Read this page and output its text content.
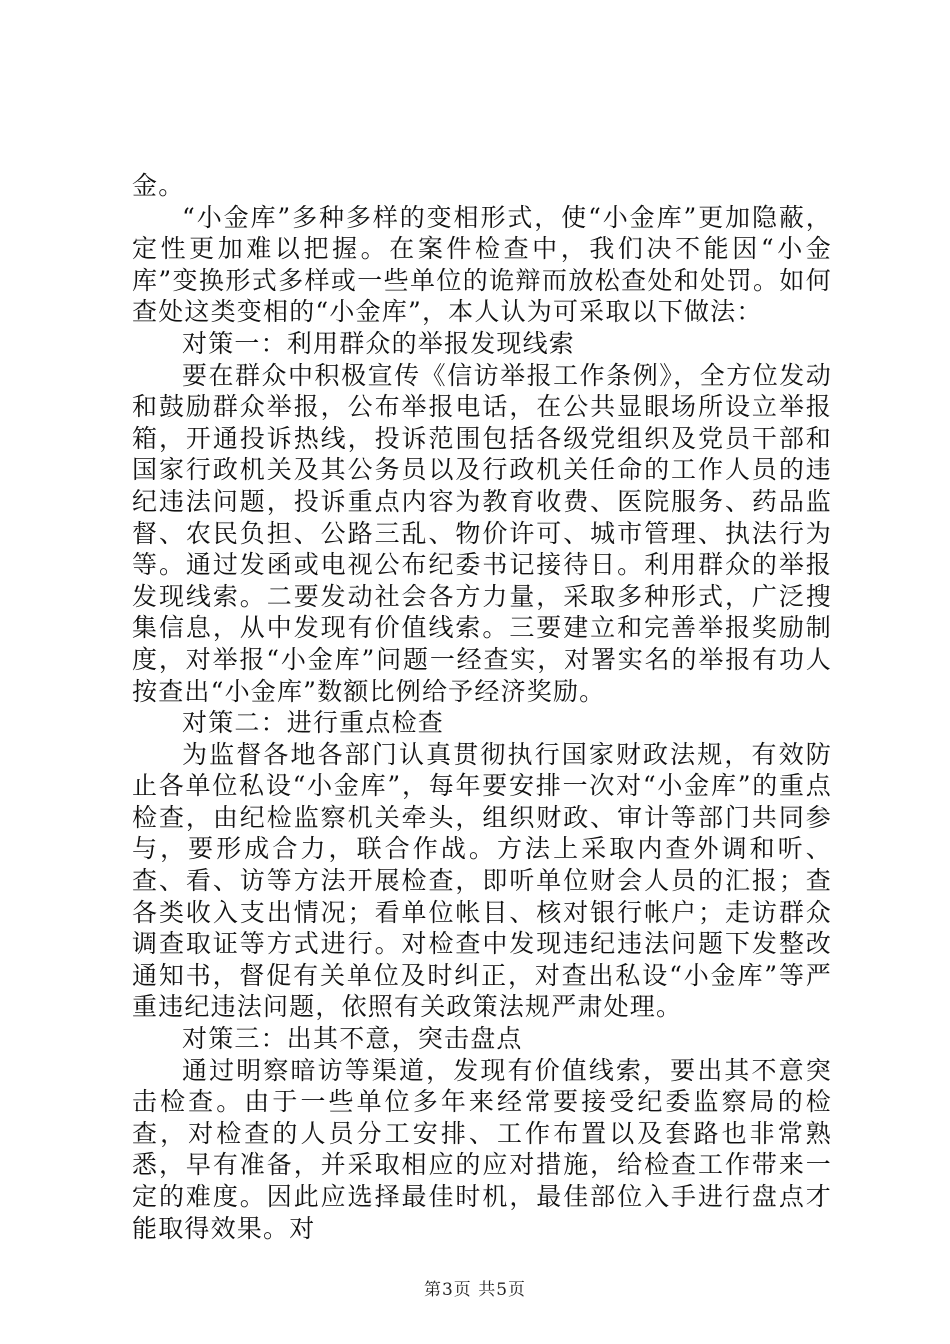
金。

“小金库”多种多样的变相形式，使“小金库”更加隐蔽，定性更加难以把握。在案件检查中，我们决不能因“小金库”变换形式多样或一些单位的诡辩而放松查处和处罚。如何查处这类变相的“小金库”，本人认为可采取以下做法：

对策一：利用群众的举报发现线索

要在群众中积极宣传《信访举报工作条例》，全方位发动和鼓励群众举报，公布举报电话，在公共显眼场所设立举报箱，开通投诉热线，投诉范围包括各级党组织及党员干部和国家行政机关及其公务员以及行政机关任命的工作人员的违纪违法问题，投诉重点内容为教育收费、医院服务、药品监督、农民负担、公路三乱、物价许可、城市管理、执法行为等。通过发函或电视公布纪委书记接待日。利用群众的举报发现线索。二要发动社会各方力量，采取多种形式，广泛搜集信息，从中发现有价值线索。三要建立和完善举报奖励制度，对举报“小金库”问题一经查实，对署实名的举报有功人按查出“小金库”数额比例给予经济奖励。

对策二：进行重点检查

为监督各地各部门认真贯彻执行国家财政法规，有效防止各单位私设“小金库”，每年要安排一次对“小金库”的重点检查，由纪检监察机关牵头，组织财政、审计等部门共同参与，要形成合力，联合作战。方法上采取内查外调和听、查、看、访等方法开展检查，即听单位财会人员的汇报；查各类收入支出情况；看单位帐目、核对银行帐户；走访群众调查取证等方式进行。对检查中发现违纪违法问题下发整改通知书，督促有关单位及时纠正，对查出私设“小金库”等严重违纪违法问题，依照有关政策法规严肃处理。

对策三：出其不意，突击盘点

通过明察暗访等渠道，发现有价值线索，要出其不意突击检查。由于一些单位多年来经常要接受纪委监察局的检查，对检查的人员分工安排、工作布置以及套路也非常熟悉，早有准备，并采取相应的应对措施，给检查工作带来一定的难度。因此应选择最佳时机，最佳部位入手进行盘点才能取得效果。对

第3页 共5页
